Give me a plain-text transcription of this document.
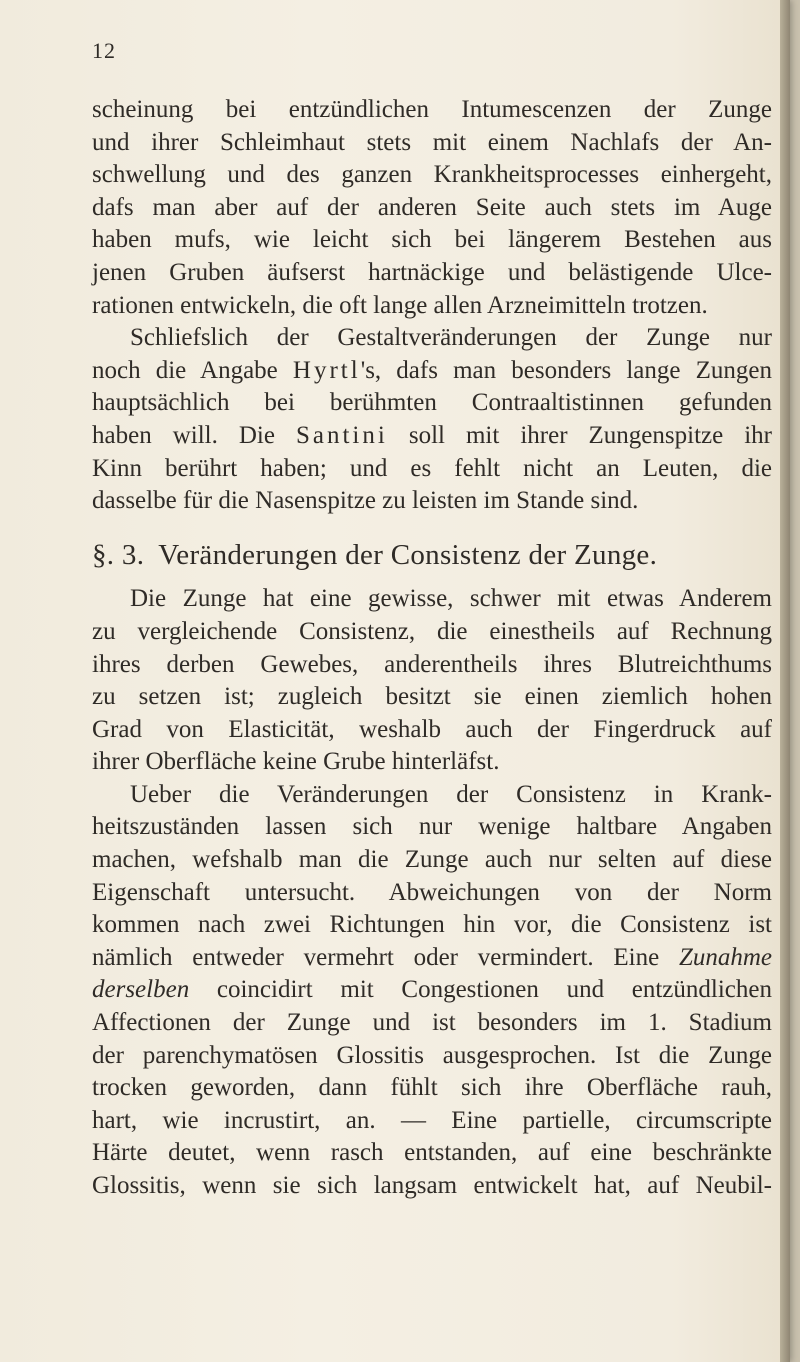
12
scheinung bei entzündlichen Intumescenzen der Zunge
und ihrer Schleimhaut stets mit einem Nachlafs der An-
schwellung und des ganzen Krankheitsprocesses einhergeht,
dafs man aber auf der anderen Seite auch stets im Auge
haben mufs, wie leicht sich bei längerem Bestehen aus
jenen Gruben äufserst hartnäckige und belästigende Ulce-
rationen entwickeln, die oft lange allen Arzneimitteln trotzen.
Schliefslich der Gestaltveränderungen der Zunge nur
noch die Angabe Hyrtl's, dafs man besonders lange Zungen
hauptsächlich bei berühmten Contraaltistinnen gefunden
haben will. Die Santini soll mit ihrer Zungenspitze ihr
Kinn berührt haben; und es fehlt nicht an Leuten, die
dasselbe für die Nasenspitze zu leisten im Stande sind.
§. 3. Veränderungen der Consistenz der Zunge.
Die Zunge hat eine gewisse, schwer mit etwas Anderem
zu vergleichende Consistenz, die einestheils auf Rechnung
ihres derben Gewebes, anderentheils ihres Blutreichthums
zu setzen ist; zugleich besitzt sie einen ziemlich hohen
Grad von Elasticität, weshalb auch der Fingerdruck auf
ihrer Oberfläche keine Grube hinterläfst.
Ueber die Veränderungen der Consistenz in Krank-
heitszuständen lassen sich nur wenige haltbare Angaben
machen, wefshalb man die Zunge auch nur selten auf diese
Eigenschaft untersucht. Abweichungen von der Norm
kommen nach zwei Richtungen hin vor, die Consistenz ist
nämlich entweder vermehrt oder vermindert. Eine Zunahme
derselben coincidirt mit Congestionen und entzündlichen
Affectionen der Zunge und ist besonders im 1. Stadium
der parenchymatösen Glossitis ausgesprochen. Ist die Zunge
trocken geworden, dann fühlt sich ihre Oberfläche rauh,
hart, wie incrustirt, an. — Eine partielle, circumscripte
Härte deutet, wenn rasch entstanden, auf eine beschränkte
Glossitis, wenn sie sich langsam entwickelt hat, auf Neubil-
